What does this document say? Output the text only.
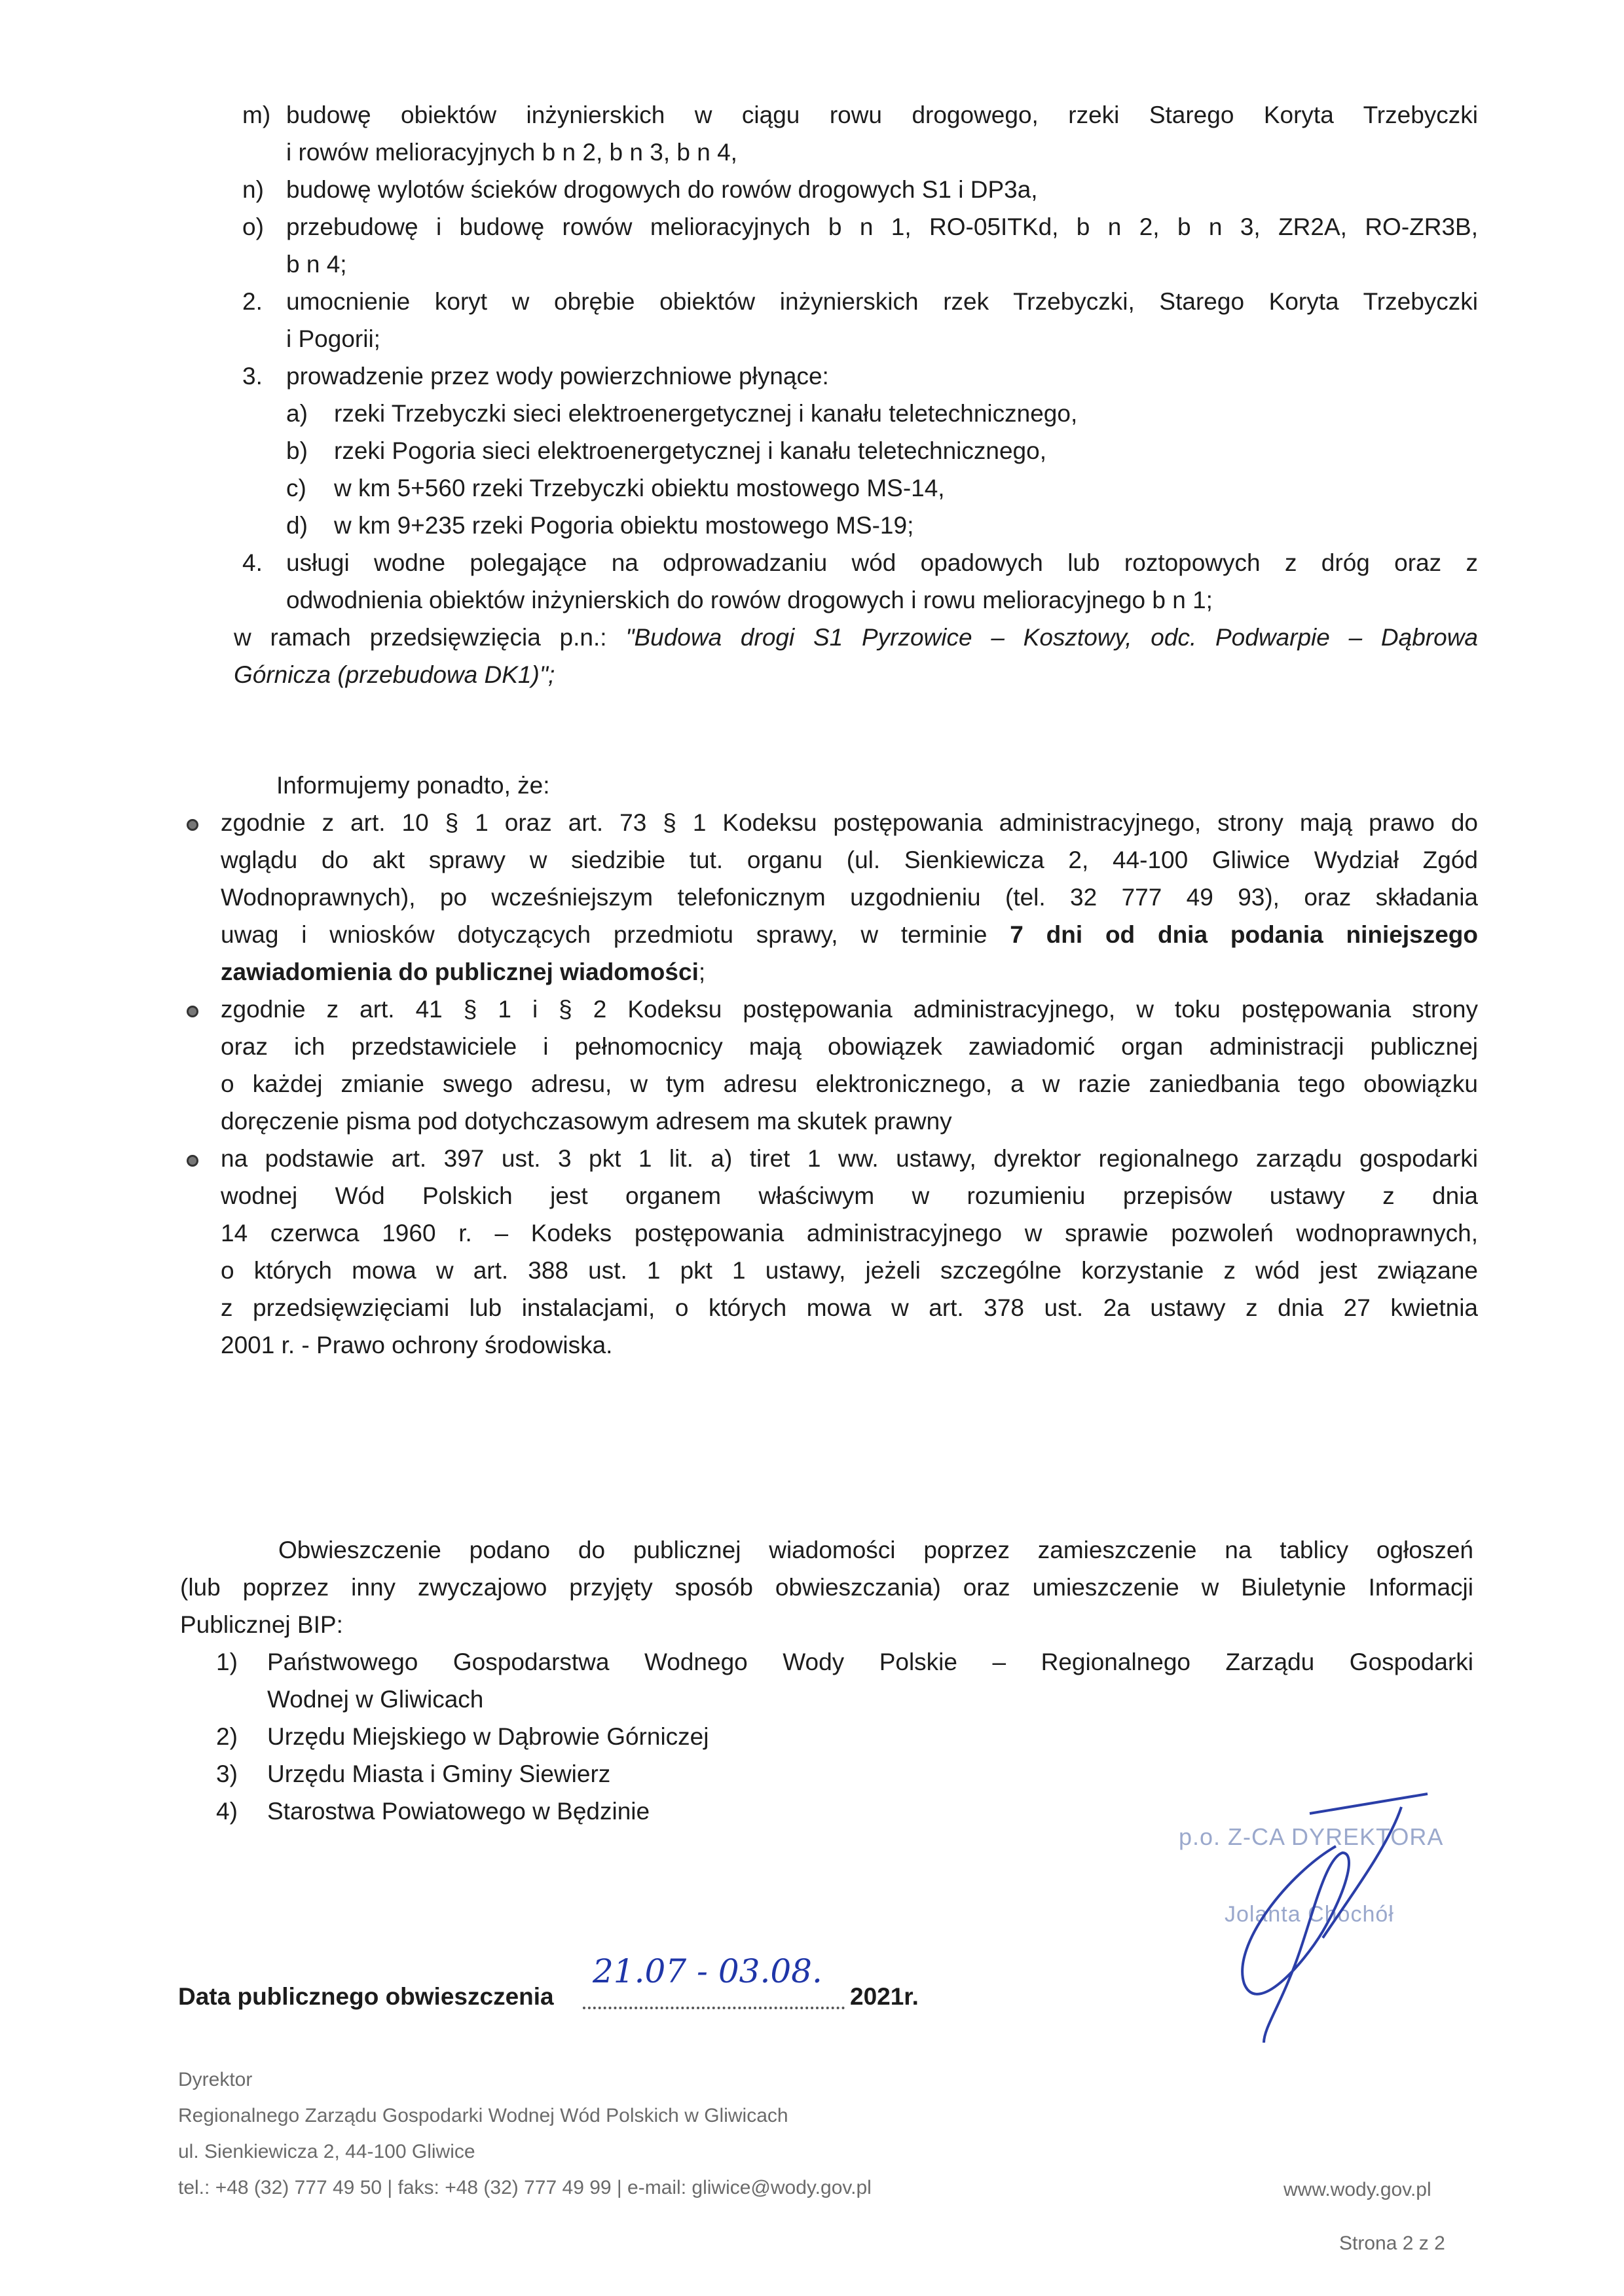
m) budowę obiektów inżynierskich w ciągu rowu drogowego, rzeki Starego Koryta Trzebyczki
i rowów melioracyjnych b n 2, b n 3, b n 4,
n) budowę wylotów ścieków drogowych do rowów drogowych S1 i DP3a,
o) przebudowę i budowę rowów melioracyjnych b n 1, RO-05ITKd, b n 2, b n 3, ZR2A, RO-ZR3B,
b n 4;
2. umocnienie koryt w obrębie obiektów inżynierskich rzek Trzebyczki, Starego Koryta Trzebyczki
i Pogorii;
3. prowadzenie przez wody powierzchniowe płynące:
a) rzeki Trzebyczki sieci elektroenergetycznej i kanału teletechnicznego,
b) rzeki Pogoria sieci elektroenergetycznej i kanału teletechnicznego,
c) w km 5+560 rzeki Trzebyczki obiektu mostowego MS-14,
d) w km 9+235 rzeki Pogoria obiektu mostowego MS-19;
4. usługi wodne polegające na odprowadzaniu wód opadowych lub roztopowych z dróg oraz z
odwodnienia obiektów inżynierskich do rowów drogowych i rowu melioracyjnego b n 1;
w ramach przedsięwzięcia p.n.: "Budowa drogi S1 Pyrzowice – Kosztowy, odc. Podwarpie – Dąbrowa
Górnicza (przebudowa DK1)";
Informujemy ponadto, że:
zgodnie z art. 10 § 1 oraz art. 73 § 1 Kodeksu postępowania administracyjnego, strony mają prawo do
wglądu do akt sprawy w siedzibie tut. organu (ul. Sienkiewicza 2, 44-100 Gliwice Wydział Zgód
Wodnoprawnych), po wcześniejszym telefonicznym uzgodnieniu (tel. 32 777 49 93), oraz składania
uwag i wniosków dotyczących przedmiotu sprawy, w terminie 7 dni od dnia podania niniejszego
zawiadomienia do publicznej wiadomości;
zgodnie z art. 41 § 1 i § 2 Kodeksu postępowania administracyjnego, w toku postępowania strony
oraz ich przedstawiciele i pełnomocnicy mają obowiązek zawiadomić organ administracji publicznej
o każdej zmianie swego adresu, w tym adresu elektronicznego, a w razie zaniedbania tego obowiązku
doręczenie pisma pod dotychczasowym adresem ma skutek prawny
na podstawie art. 397 ust. 3 pkt 1 lit. a) tiret 1 ww. ustawy, dyrektor regionalnego zarządu gospodarki
wodnej Wód Polskich jest organem właściwym w rozumieniu przepisów ustawy z dnia
14 czerwca 1960 r. – Kodeks postępowania administracyjnego w sprawie pozwoleń wodnoprawnych,
o których mowa w art. 388 ust. 1 pkt 1 ustawy, jeżeli szczególne korzystanie z wód jest związane
z przedsięwzięciami lub instalacjami, o których mowa w art. 378 ust. 2a ustawy z dnia 27 kwietnia
2001 r. - Prawo ochrony środowiska.
Obwieszczenie podano do publicznej wiadomości poprzez zamieszczenie na tablicy ogłoszeń
(lub poprzez inny zwyczajowo przyjęty sposób obwieszczania) oraz umieszczenie w Biuletynie Informacji
Publicznej BIP:
1) Państwowego Gospodarstwa Wodnego Wody Polskie – Regionalnego Zarządu Gospodarki
Wodnej w Gliwicach
2) Urzędu Miejskiego w Dąbrowie Górniczej
3) Urzędu Miasta i Gminy Siewierz
4) Starostwa Powiatowego w Będzinie
p.o. Z-CA DYREKTORA
Jolanta Chochół
Data publicznego obwieszczenia
21.07 - 03.08.
2021r.
Dyrektor
Regionalnego Zarządu Gospodarki Wodnej Wód Polskich w Gliwicach
ul. Sienkiewicza 2, 44-100 Gliwice
tel.: +48 (32) 777 49 50 | faks: +48 (32) 777 49 99 | e-mail: gliwice@wody.gov.pl	www.wody.gov.pl
Strona 2 z 2
